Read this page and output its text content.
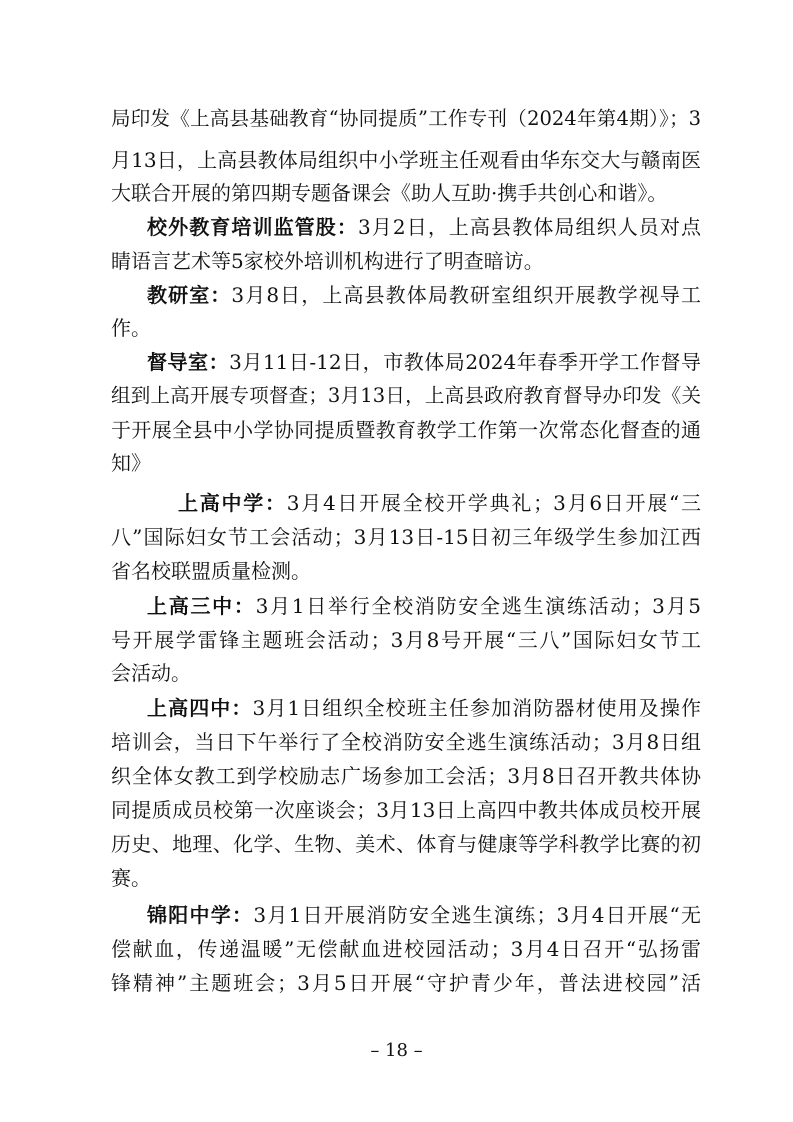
局印发《上高县基础教育“协同提质”工作专刊（2024年第4期）》；3
月13日，上高县教体局组织中小学班主任观看由华东交大与赣南医
大联合开展的第四期专题备课会《助人互助·携手共创心和谐》。
校外教育培训监管股：3月2日，上高县教体局组织人员对点
睛语言艺术等5家校外培训机构进行了明查暗访。
教研室：3月8日，上高县教体局教研室组织开展教学视导工
作。
督导室：3月11日-12日，市教体局2024年春季开学工作督导
组到上高开展专项督查；3月13日，上高县政府教育督导办印发《关
于开展全县中小学协同提质暨教育教学工作第一次常态化督查的通
知》
上高中学：3月4日开展全校开学典礼；3月6日开展“三
八”国际妇女节工会活动；3月13日-15日初三年级学生参加江西
省名校联盟质量检测。
上高三中：3月1日举行全校消防安全逃生演练活动；3月5
号开展学雷锋主题班会活动；3月8号开展“三八”国际妇女节工
会活动。
上高四中：3月1日组织全校班主任参加消防器材使用及操作
培训会，当日下午举行了全校消防安全逃生演练活动；3月8日组
织全体女教工到学校励志广场参加工会活；3月8日召开教共体协
同提质成员校第一次座谈会；3月13日上高四中教共体成员校开展
历史、地理、化学、生物、美术、体育与健康等学科教学比赛的初
赛。
锦阳中学：3月1日开展消防安全逃生演练；3月4日开展“无
偿献血，传递温暖”无偿献血进校园活动；3月4日召开“弘扬雷
锋精神”主题班会；3月5日开展“守护青少年，普法进校园”活
– 18 –
